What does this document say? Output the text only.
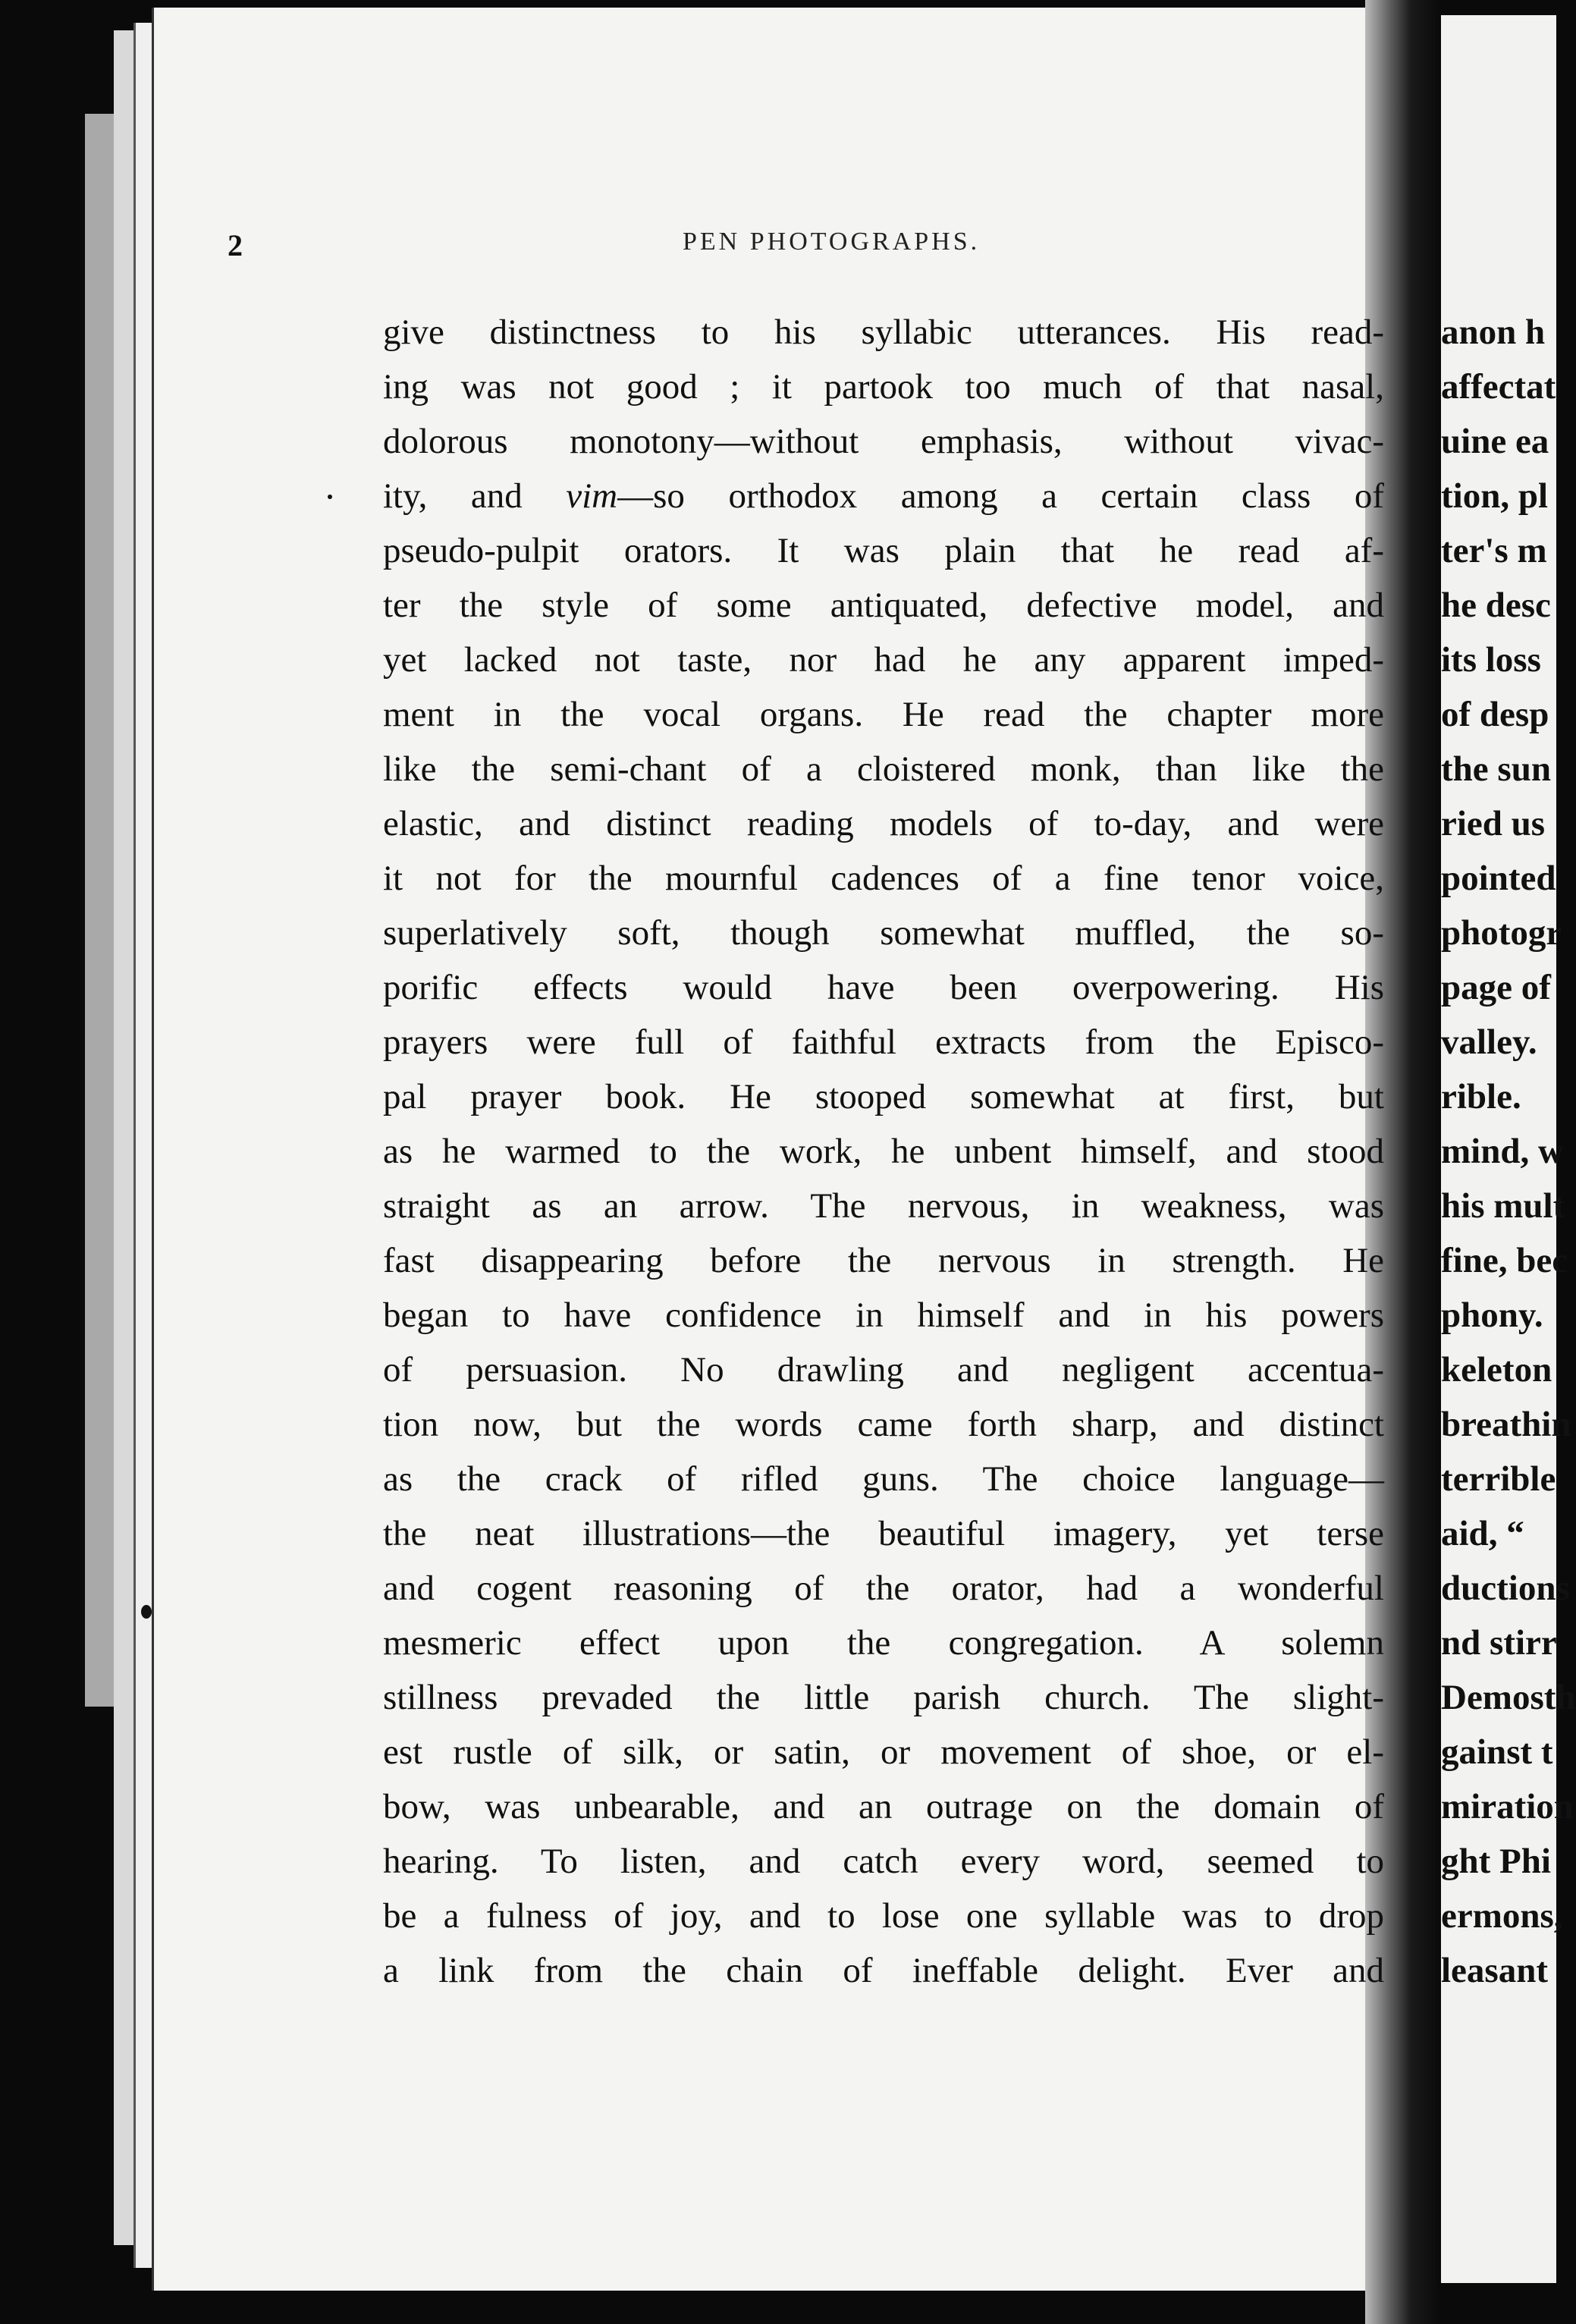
2	PEN PHOTOGRAPHS.
give distinctness to his syllabic utterances. His read-
ing was not good ; it partook too much of that nasal,
dolorous monotony—without emphasis, without vivac-
ity, and vim—so orthodox among a certain class of
pseudo-pulpit orators. It was plain that he read af-
ter the style of some antiquated, defective model, and
yet lacked not taste, nor had he any apparent imped-
ment in the vocal organs. He read the chapter more
like the semi-chant of a cloistered monk, than like the
elastic, and distinct reading models of to-day, and were
it not for the mournful cadences of a fine tenor voice,
superlatively soft, though somewhat muffled, the so-
porific effects would have been overpowering. His
prayers were full of faithful extracts from the Episco-
pal prayer book. He stooped somewhat at first, but
as he warmed to the work, he unbent himself, and stood
straight as an arrow. The nervous, in weakness, was
fast disappearing before the nervous in strength. He
began to have confidence in himself and in his powers
of persuasion. No drawling and negligent accentua-
tion now, but the words came forth sharp, and distinct
as the crack of rifled guns. The choice language—
the neat illustrations—the beautiful imagery, yet terse
and cogent reasoning of the orator, had a wonderful
mesmeric effect upon the congregation. A solemn
stillness prevaded the little parish church. The slight-
est rustle of silk, or satin, or movement of shoe, or el-
bow, was unbearable, and an outrage on the domain of
hearing. To listen, and catch every word, seemed to
be a fulness of joy, and to lose one syllable was to drop
a link from the chain of ineffable delight. Ever and
anon h
affectat
uine ea
tion, pl
ter's m
he desc
its loss
of desp
the sun
ried us
pointed
photogr
page of
valley.
rible.
mind, w
his mult
fine, bec
phony.
keleton
breathin
terrible
aid, “
ductions
nd stirr
Demosth
gainst t
miration
ght Phi
ermons,
leasant
